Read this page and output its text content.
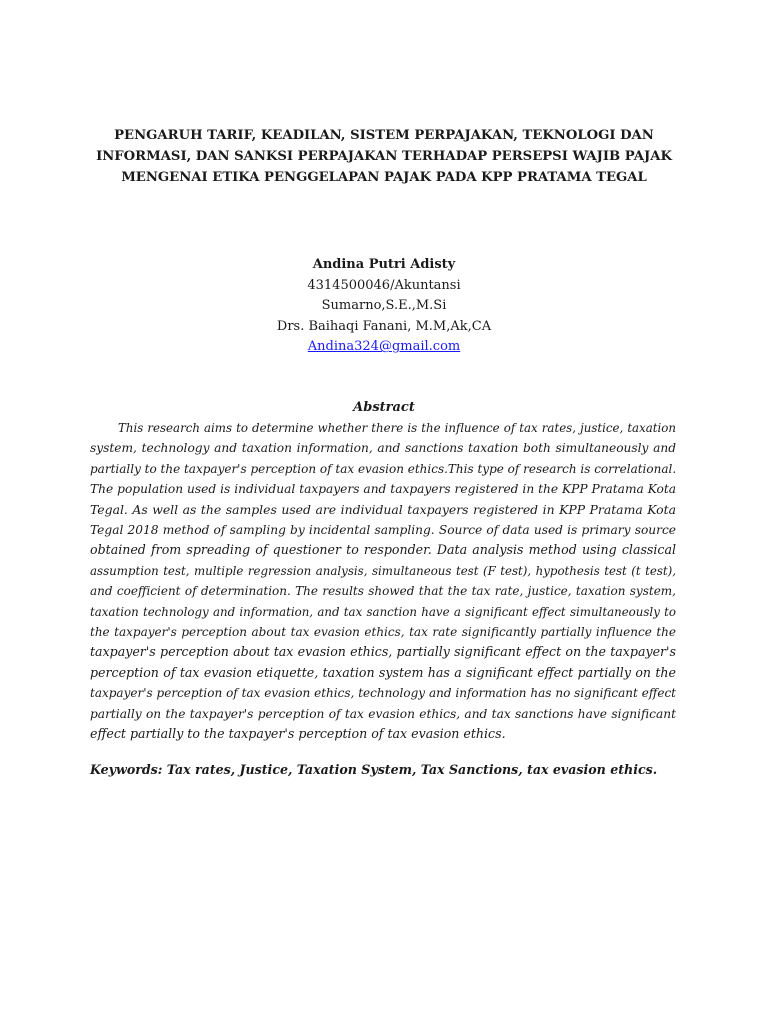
PENGARUH TARIF, KEADILAN, SISTEM PERPAJAKAN, TEKNOLOGI DAN
INFORMASI, DAN SANKSI PERPAJAKAN TERHADAP PERSEPSI WAJIB PAJAK
MENGENAI ETIKA PENGGELAPAN PAJAK PADA KPP PRATAMA TEGAL
Andina Putri Adisty
4314500046/Akuntansi
Sumarno,S.E.,M.Si
Drs. Baihaqi Fanani, M.M,Ak,CA
Andina324@gmail.com
Abstract
This research aims to determine whether there is the influence of tax rates, justice, taxation
system, technology and taxation information, and sanctions taxation both simultaneously and
partially to the taxpayer's perception of tax evasion ethics.This type of research is correlational.
The population used is individual taxpayers and taxpayers registered in the KPP Pratama Kota
Tegal. As well as the samples used are individual taxpayers registered in KPP Pratama Kota
Tegal 2018 method of sampling by incidental sampling. Source of data used is primary source
obtained from spreading of questioner to responder. Data analysis method using classical
assumption test, multiple regression analysis, simultaneous test (F test), hypothesis test (t test),
and coefficient of determination. The results showed that the tax rate, justice, taxation system,
taxation technology and information, and tax sanction have a significant effect simultaneously to
the taxpayer's perception about tax evasion ethics, tax rate significantly partially influence the
taxpayer's perception about tax evasion ethics, partially significant effect on the taxpayer's
perception of tax evasion etiquette, taxation system has a significant effect partially on the
taxpayer's perception of tax evasion ethics, technology and information has no significant effect
partially on the taxpayer's perception of tax evasion ethics, and tax sanctions have significant
effect partially to the taxpayer's perception of tax evasion ethics.
Keywords: Tax rates, Justice, Taxation System, Tax Sanctions, tax evasion ethics.
